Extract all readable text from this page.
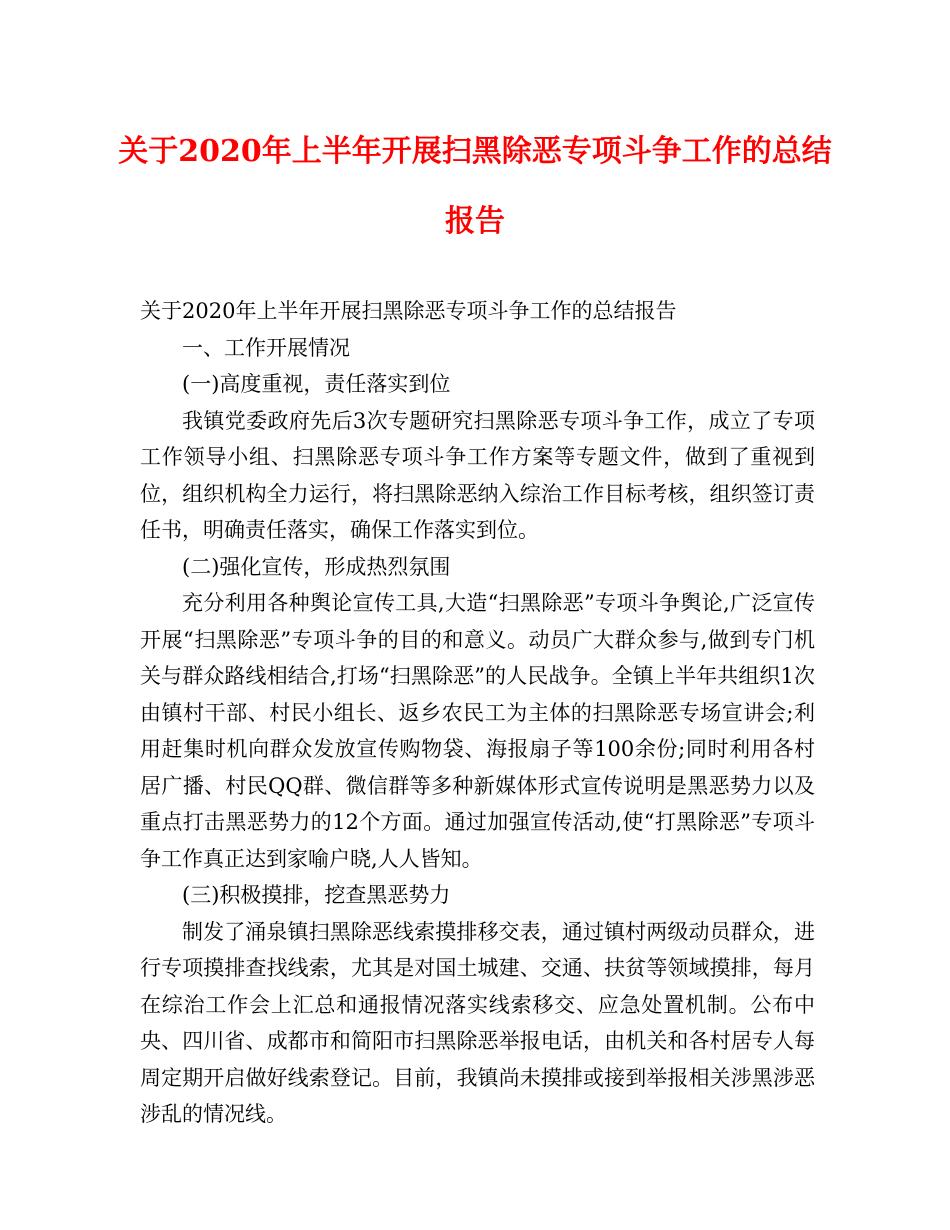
关于2020年上半年开展扫黑除恶专项斗争工作的总结
报告

关于2020年上半年开展扫黑除恶专项斗争工作的总结报告

一、工作开展情况

(一)高度重视，责任落实到位

我镇党委政府先后3次专题研究扫黑除恶专项斗争工作，成立了专项工作领导小组、扫黑除恶专项斗争工作方案等专题文件，做到了重视到位，组织机构全力运行，将扫黑除恶纳入综治工作目标考核，组织签订责任书，明确责任落实，确保工作落实到位。

(二)强化宣传，形成热烈氛围

充分利用各种舆论宣传工具,大造“扫黑除恶”专项斗争舆论,广泛宣传开展“扫黑除恶”专项斗争的目的和意义。动员广大群众参与,做到专门机关与群众路线相结合,打场“扫黑除恶”的人民战争。全镇上半年共组织1次由镇村干部、村民小组长、返乡农民工为主体的扫黑除恶专场宣讲会;利用赶集时机向群众发放宣传购物袋、海报扇子等100余份;同时利用各村居广播、村民QQ群、微信群等多种新媒体形式宣传说明是黑恶势力以及重点打击黑恶势力的12个方面。通过加强宣传活动,使“打黑除恶”专项斗争工作真正达到家喻户晓,人人皆知。

(三)积极摸排，挖查黑恶势力

制发了涌泉镇扫黑除恶线索摸排移交表，通过镇村两级动员群众，进行专项摸排查找线索，尤其是对国土城建、交通、扶贫等领域摸排，每月在综治工作会上汇总和通报情况落实线索移交、应急处置机制。公布中央、四川省、成都市和简阳市扫黑除恶举报电话，由机关和各村居专人每周定期开启做好线索登记。目前，我镇尚未摸排或接到举报相关涉黑涉恶涉乱的情况线。
